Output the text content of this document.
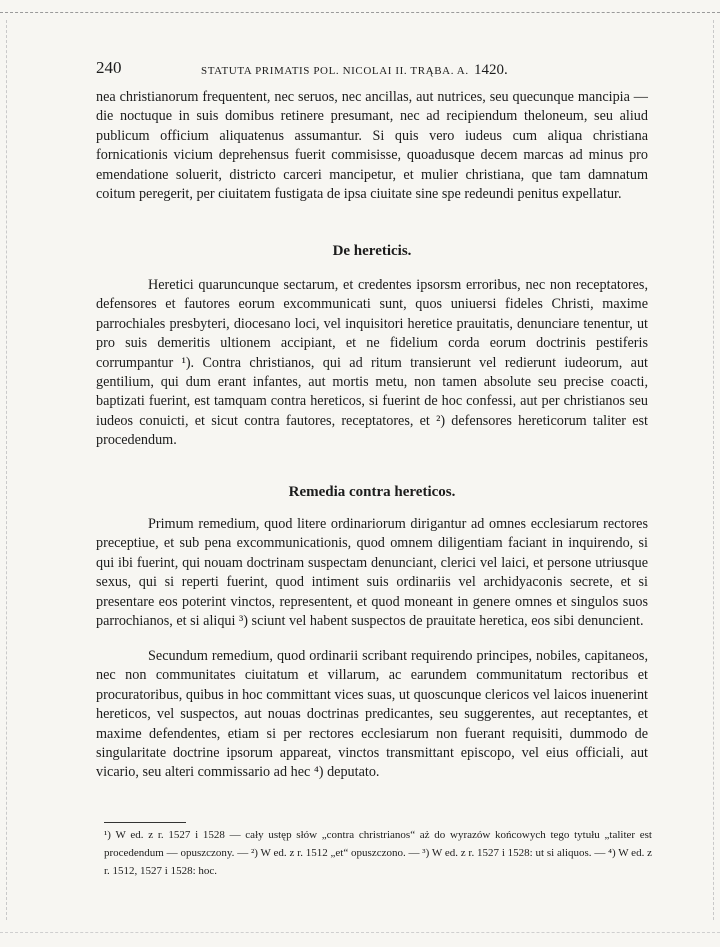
240	STATUTA PRIMATIS POL. NICOLAI II. TRĄBA. A. 1420.
nea christianorum frequentent, nec seruos, nec ancillas, aut nutrices, seu quecunque mancipia — die noctuque in suis domibus retinere presumant, nec ad recipiendum theloneum, seu aliud publicum officium aliquatenus assumantur. Si quis vero iudeus cum aliqua christiana fornicationis vicium deprehensus fuerit commisisse, quoadusque decem marcas ad minus pro emendatione soluerit, districto carceri mancipetur, et mulier christiana, que tam damnatum coitum peregerit, per ciuitatem fustigata de ipsa ciuitate sine spe redeundi penitus expellatur.
De hereticis.
Heretici quaruncunque sectarum, et credentes ipsorsm erroribus, nec non receptatores, defensores et fautores eorum excommunicati sunt, quos uniuersi fideles Christi, maxime parrochiales presbyteri, diocesano loci, vel inquisitori heretice prauitatis, denunciare tenentur, ut pro suis demeritis ultionem accipiant, et ne fidelium corda eorum doctrinis pestiferis corrumpantur ¹). Contra christianos, qui ad ritum transierunt vel redierunt iudeorum, aut gentilium, qui dum erant infantes, aut mortis metu, non tamen absolute seu precise coacti, baptizati fuerint, est tamquam contra hereticos, si fuerint de hoc confessi, aut per christianos seu iudeos conuicti, et sicut contra fautores, receptatores, et ²) defensores hereticorum taliter est procedendum.
Remedia contra hereticos.
Primum remedium, quod litere ordinariorum dirigantur ad omnes ecclesiarum rectores preceptiue, et sub pena excommunicationis, quod omnem diligentiam faciant in inquirendo, si qui ibi fuerint, qui nouam doctrinam suspectam denunciant, clerici vel laici, et persone utriusque sexus, qui si reperti fuerint, quod intiment suis ordinariis vel archidyaconis secrete, et si presentare eos poterint vinctos, representent, et quod moneant in genere omnes et singulos suos parrochianos, et si aliqui ³) sciunt vel habent suspectos de prauitate heretica, eos sibi denuncient.
Secundum remedium, quod ordinarii scribant requirendo principes, nobiles, capitaneos, nec non communitates ciuitatum et villarum, ac earundem communitatum rectoribus et procuratoribus, quibus in hoc committant vices suas, ut quoscunque clericos vel laicos inuenerint hereticos, vel suspectos, aut nouas doctrinas predicantes, seu suggerentes, aut receptantes, et maxime defendentes, etiam si per rectores ecclesiarum non fuerant requisiti, dummodo de singularitate doctrine ipsorum appareat, vinctos transmittant episcopo, vel eius officiali, aut vicario, seu alteri commissario ad hec ⁴) deputato.
¹) W ed. z r. 1527 i 1528 — cały ustęp słów „contra christrianos“ aż do wyrazów końcowych tego tytułu „taliter est procedendum — opuszczony. — ²) W ed. z r. 1512 „et“ opuszczono. — ³) W ed. z r. 1527 i 1528: ut si aliquos. — ⁴) W ed. z r. 1512, 1527 i 1528: hoc.
